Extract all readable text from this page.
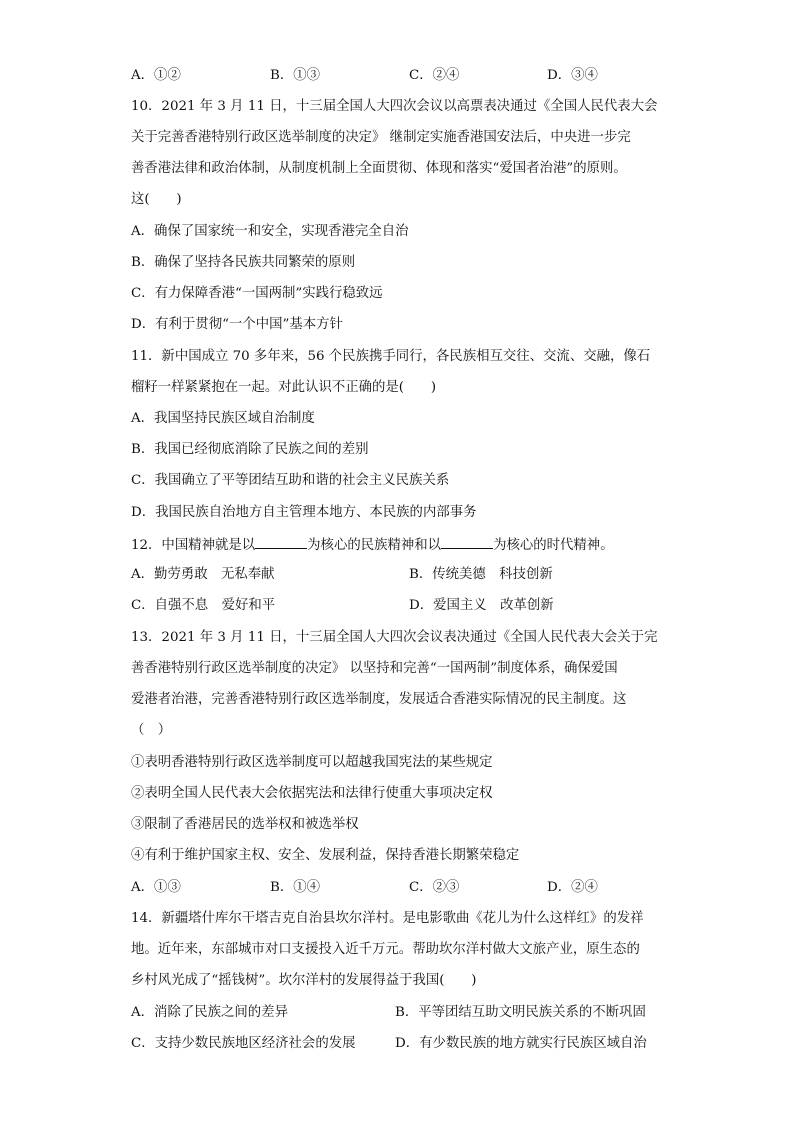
A．①②	B．①③	C．②④	D．③④
10．2021 年 3 月 11 日，十三届全国人大四次会议以高票表决通过《全国人民代表大会
关于完善香港特别行政区选举制度的决定》 继制定实施香港国安法后，中央进一步完
善香港法律和政治体制，从制度机制上全面贯彻、体现和落实“爱国者治港”的原则。
这(　　)
A．确保了国家统一和安全，实现香港完全自治
B．确保了坚持各民族共同繁荣的原则
C．有力保障香港“一国两制”实践行稳致远
D．有利于贯彻“一个中国”基本方针
11．新中国成立 70 多年来，56 个民族携手同行，各民族相互交往、交流、交融，像石
榴籽一样紧紧抱在一起。对此认识不正确的是(　　)
A．我国坚持民族区域自治制度
B．我国已经彻底消除了民族之间的差别
C．我国确立了平等团结互助和谐的社会主义民族关系
D．我国民族自治地方自主管理本地方、本民族的内部事务
12．中国精神就是以	为核心的民族精神和以	为核心的时代精神。
A．勤劳勇敢　无私奉献	B．传统美德　科技创新
C．自强不息　爱好和平	D．爱国主义　改革创新
13．2021 年 3 月 11 日，十三届全国人大四次会议表决通过《全国人民代表大会关于完
善香港特别行政区选举制度的决定》 以坚持和完善“一国两制”制度体系，确保爱国
爱港者治港，完善香港特别行政区选举制度，发展适合香港实际情况的民主制度。这
（　）
①表明香港特别行政区选举制度可以超越我国宪法的某些规定
②表明全国人民代表大会依据宪法和法律行使重大事项决定权
③限制了香港居民的选举权和被选举权
④有利于维护国家主权、安全、发展利益，保持香港长期繁荣稳定
A．①③	B．①④	C．②③	D．②④
14．新疆塔什库尔干塔吉克自治县坎尔洋村。是电影歌曲《花儿为什么这样红》的发祥
地。近年来，东部城市对口支援投入近千万元。帮助坎尔洋村做大文旅产业，原生态的
乡村风光成了“摇钱树”。坎尔洋村的发展得益于我国(　　)
A．消除了民族之间的差异	B．平等团结互助文明民族关系的不断巩固
C．支持少数民族地区经济社会的发展	D．有少数民族的地方就实行民族区域自治
